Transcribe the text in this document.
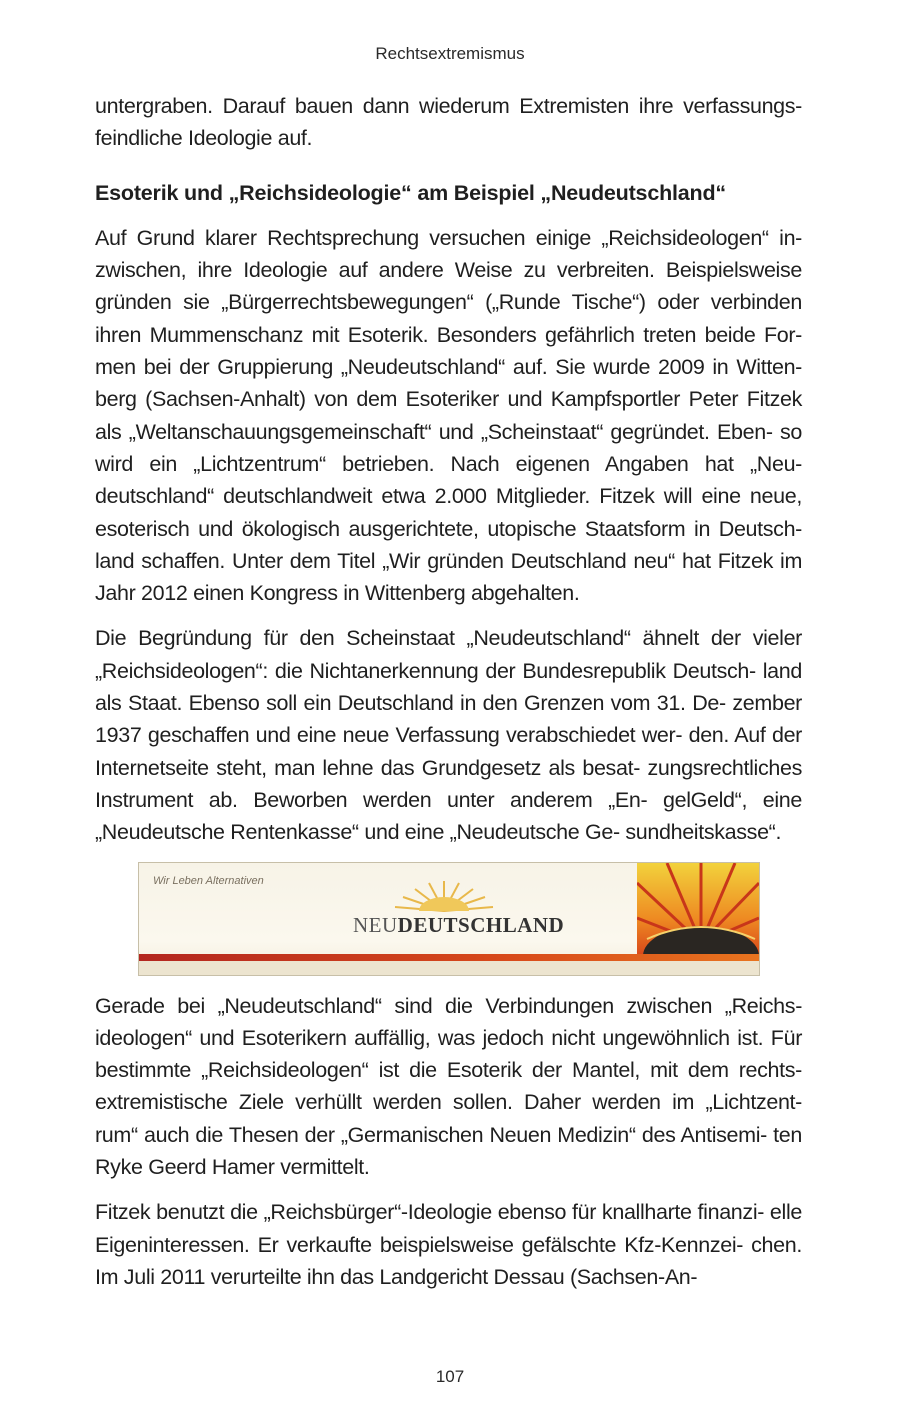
Rechtsextremismus

untergraben. Darauf bauen dann wiederum Extremisten ihre verfassungs- feindliche Ideologie auf.

Esoterik und „Reichsideologie“ am Beispiel „Neudeutschland“

Auf Grund klarer Rechtsprechung versuchen einige „Reichsideologen“ in- zwischen, ihre Ideologie auf andere Weise zu verbreiten. Beispielsweise gründen sie „Bürgerrechtsbewegungen“ („Runde Tische“) oder verbinden ihren Mummenschanz mit Esoterik. Besonders gefährlich treten beide For- men bei der Gruppierung „Neudeutschland“ auf. Sie wurde 2009 in Witten- berg (Sachsen-Anhalt) von dem Esoteriker und Kampfsportler Peter Fitzek als „Weltanschauungsgemeinschaft“ und „Scheinstaat“ gegründet. Eben- so wird ein „Lichtzentrum“ betrieben. Nach eigenen Angaben hat „Neu- deutschland“ deutschlandweit etwa 2.000 Mitglieder. Fitzek will eine neue, esoterisch und ökologisch ausgerichtete, utopische Staatsform in Deutsch- land schaffen. Unter dem Titel „Wir gründen Deutschland neu“ hat Fitzek im Jahr 2012 einen Kongress in Wittenberg abgehalten.

Die Begründung für den Scheinstaat „Neudeutschland“ ähnelt der vieler „Reichsideologen“: die Nichtanerkennung der Bundesrepublik Deutsch- land als Staat. Ebenso soll ein Deutschland in den Grenzen vom 31. De- zember 1937 geschaffen und eine neue Verfassung verabschiedet wer- den. Auf der Internetseite steht, man lehne das Grundgesetz als besat- zungsrechtliches Instrument ab. Beworben werden unter anderem „En- gelGeld“, eine „Neudeutsche Rentenkasse“ und eine „Neudeutsche Ge- sundheitskasse“.

Wir Leben Alternativen
NEUDEUTSCHLAND

Gerade bei „Neudeutschland“ sind die Verbindungen zwischen „Reichs- ideologen“ und Esoterikern auffällig, was jedoch nicht ungewöhnlich ist. Für bestimmte „Reichsideologen“ ist die Esoterik der Mantel, mit dem rechts- extremistische Ziele verhüllt werden sollen. Daher werden im „Lichtzent- rum“ auch die Thesen der „Germanischen Neuen Medizin“ des Antisemi- ten Ryke Geerd Hamer vermittelt.

Fitzek benutzt die „Reichsbürger“-Ideologie ebenso für knallharte finanzi- elle Eigeninteressen. Er verkaufte beispielsweise gefälschte Kfz-Kennzei- chen. Im Juli 2011 verurteilte ihn das Landgericht Dessau (Sachsen-An-

107
